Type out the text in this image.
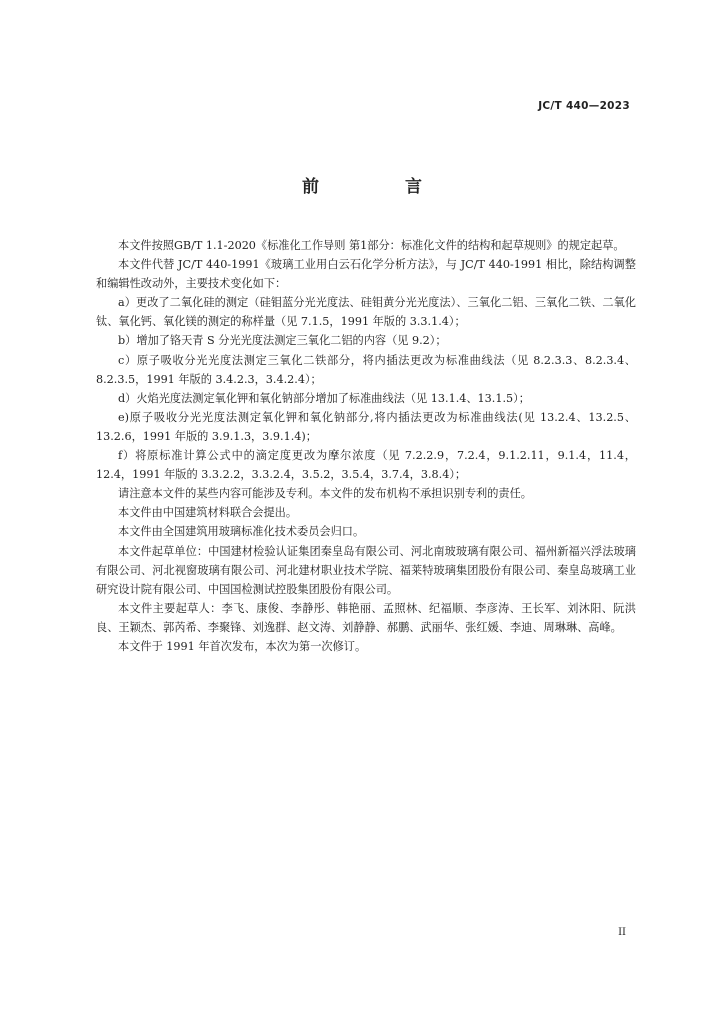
JC/T 440—2023
前 言

本文件按照GB/T 1.1-2020《标准化工作导则 第1部分：标准化文件的结构和起草规则》的规定起草。

本文件代替 JC/T 440-1991《玻璃工业用白云石化学分析方法》，与 JC/T 440-1991 相比，除结构调整和编辑性改动外，主要技术变化如下：

a）更改了二氧化硅的测定（硅钼蓝分光光度法、硅钼黄分光光度法）、三氧化二铝、三氧化二铁、二氧化钛、氧化钙、氧化镁的测定的称样量（见 7.1.5，1991 年版的 3.3.1.4）；

b）增加了铬天青 S 分光光度法测定三氧化二铝的内容（见 9.2）；

c）原子吸收分光光度法测定三氧化二铁部分，将内插法更改为标准曲线法（见 8.2.3.3、8.2.3.4、8.2.3.5，1991 年版的 3.4.2.3，3.4.2.4）；

d）火焰光度法测定氧化钾和氧化钠部分增加了标准曲线法（见 13.1.4、13.1.5）；

e)原子吸收分光光度法测定氧化钾和氧化钠部分,将内插法更改为标准曲线法(见 13.2.4、13.2.5、13.2.6，1991 年版的 3.9.1.3，3.9.1.4)；

f）将原标准计算公式中的滴定度更改为摩尔浓度（见 7.2.2.9，7.2.4，9.1.2.11，9.1.4，11.4，12.4，1991 年版的 3.3.2.2，3.3.2.4，3.5.2，3.5.4，3.7.4，3.8.4）；

请注意本文件的某些内容可能涉及专利。本文件的发布机构不承担识别专利的责任。

本文件由中国建筑材料联合会提出。

本文件由全国建筑用玻璃标准化技术委员会归口。

本文件起草单位：中国建材检验认证集团秦皇岛有限公司、河北南玻玻璃有限公司、福州新福兴浮法玻璃有限公司、河北视窗玻璃有限公司、河北建材职业技术学院、福莱特玻璃集团股份有限公司、秦皇岛玻璃工业研究设计院有限公司、中国国检测试控股集团股份有限公司。

本文件主要起草人：李飞、康俊、李静彤、韩艳丽、孟照林、纪福顺、李彦涛、王长军、刘沐阳、阮洪良、王颖杰、郭芮希、李聚锋、刘逸群、赵文涛、刘静静、郝鹏、武丽华、张红媛、李迪、周琳琳、高峰。

本文件于 1991 年首次发布，本次为第一次修订。

II
